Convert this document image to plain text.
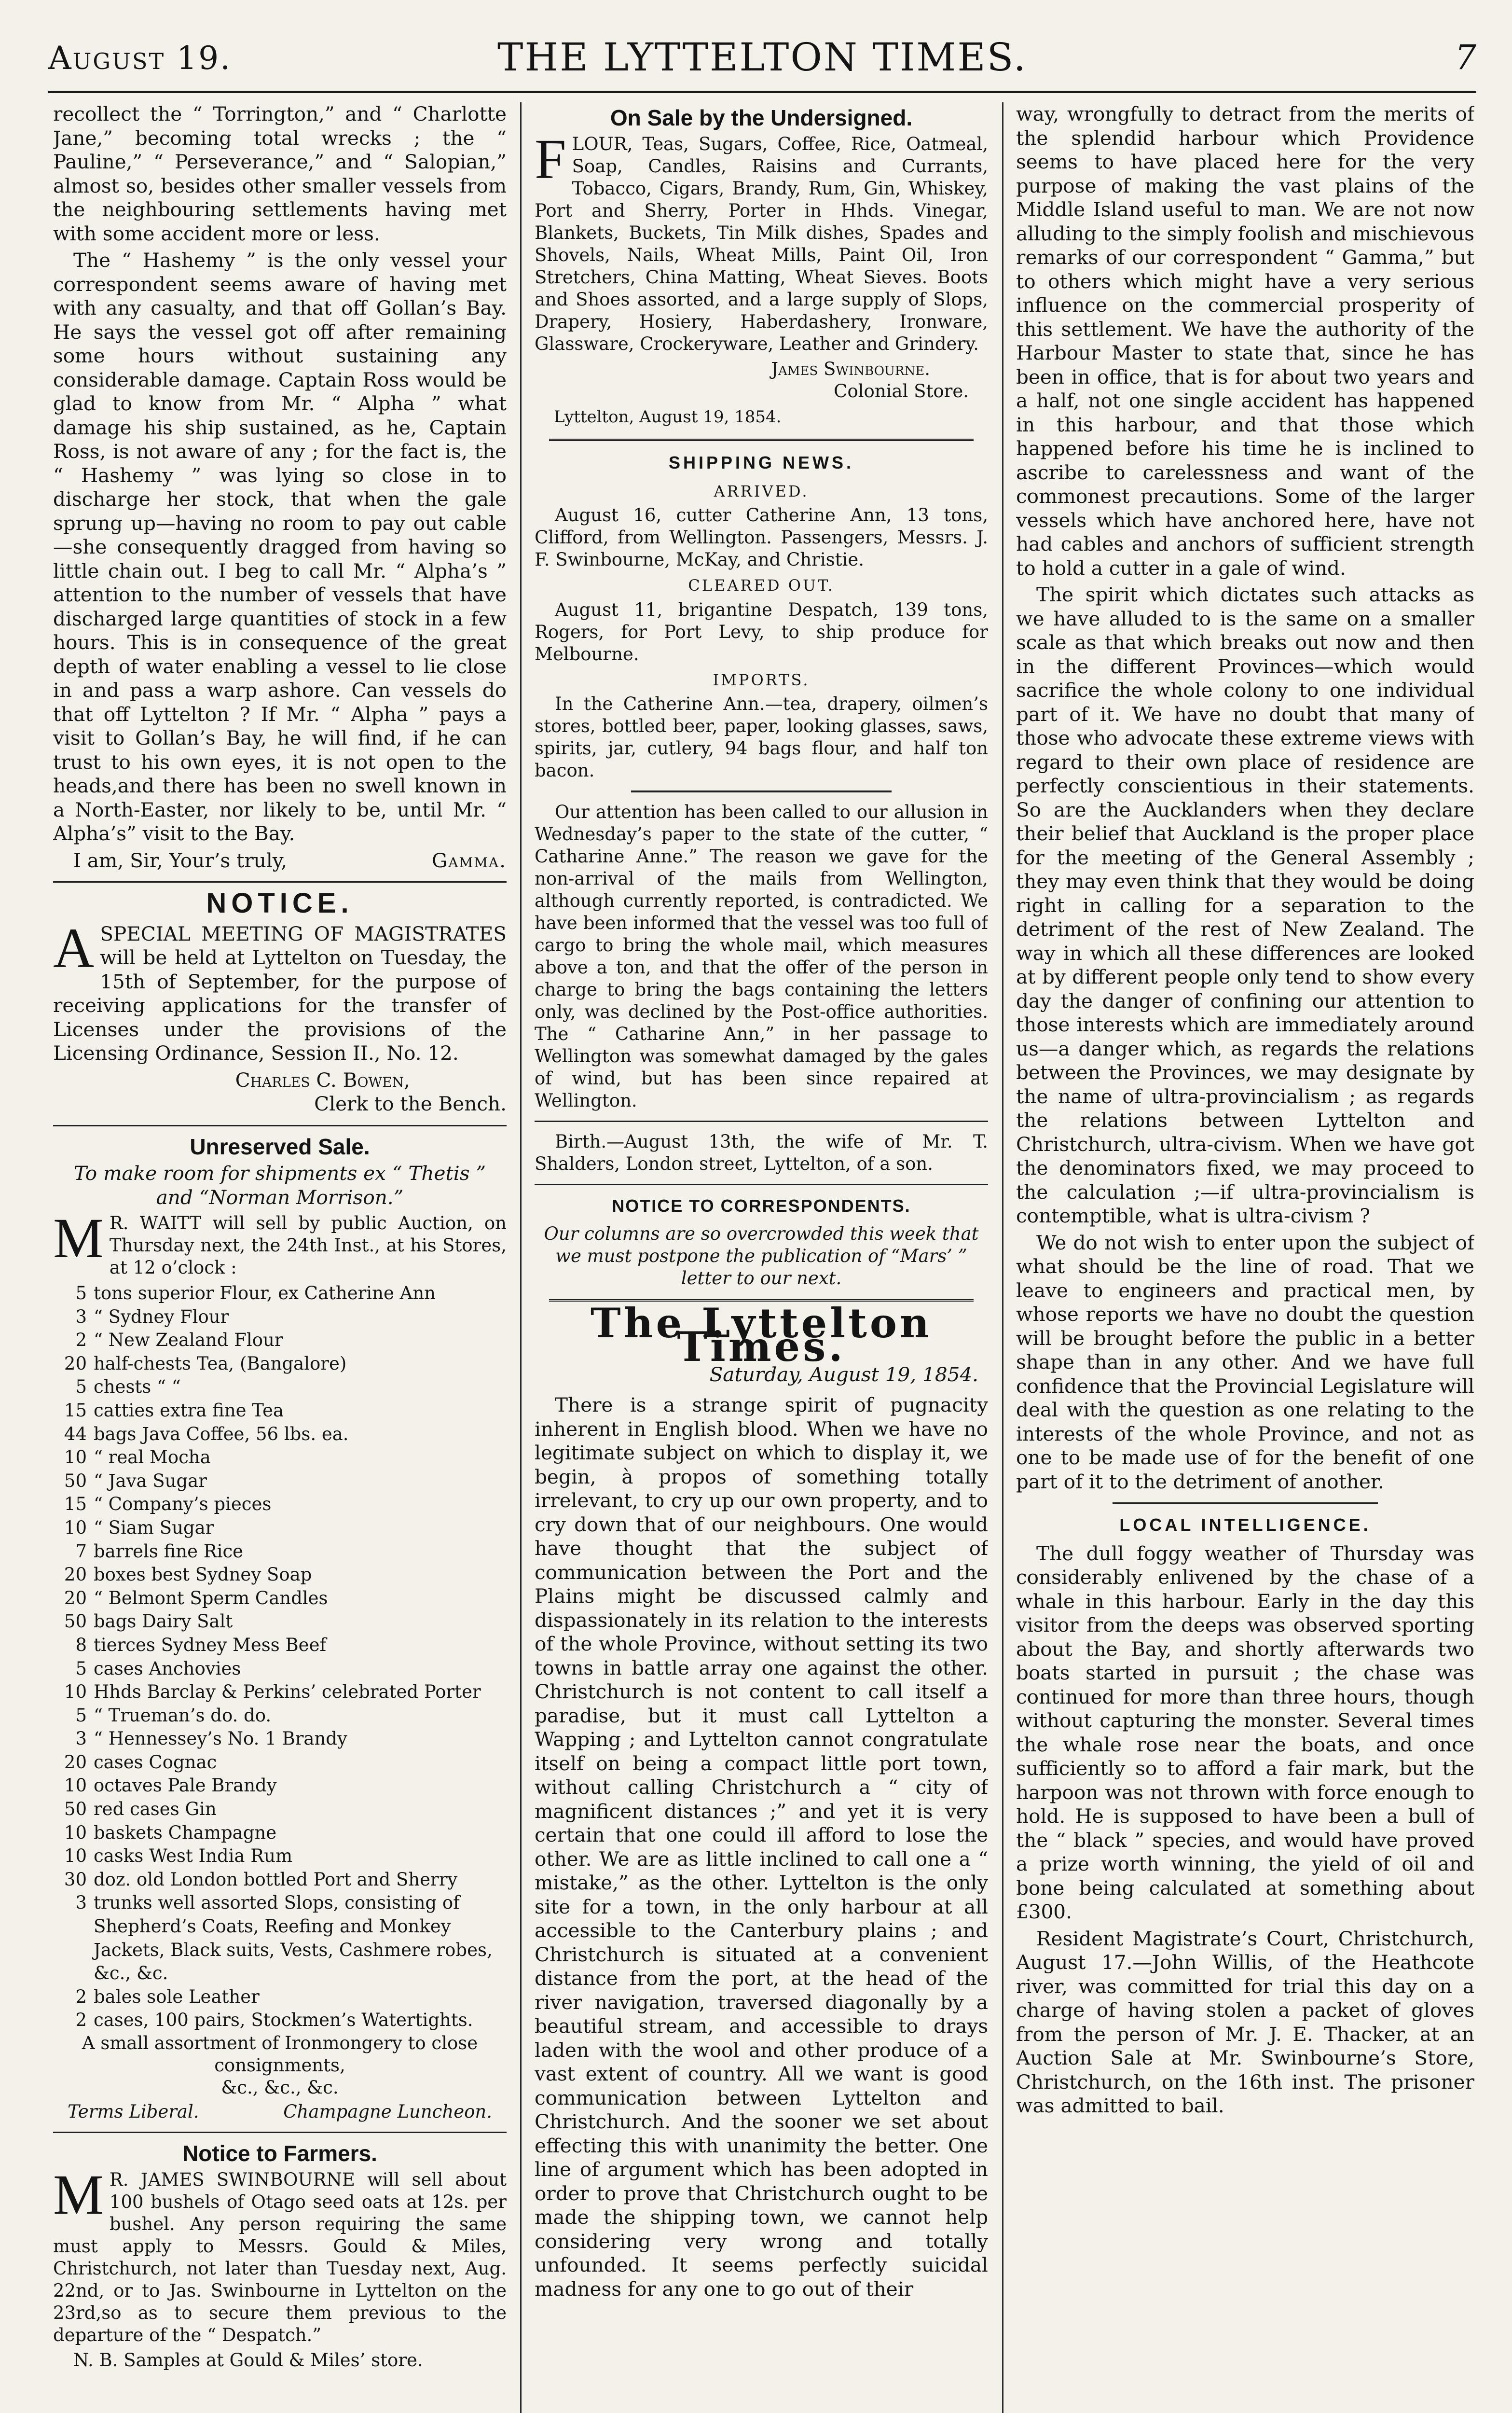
August 19.	THE LYTTELTON TIMES.	7

recollect the “ Torrington,” and “ Charlotte Jane,” becoming total wrecks ; the “ Pauline,” “ Perseverance,” and “ Salopian,” almost so, besides other smaller vessels from the neighbouring settlements having met with some accident more or less.

The “ Hashemy ” is the only vessel your correspondent seems aware of having met with any casualty, and that off Gollan’s Bay. He says the vessel got off after remaining some hours without sustaining any considerable damage. Captain Ross would be glad to know from Mr. “ Alpha ” what damage his ship sustained, as he, Captain Ross, is not aware of any ; for the fact is, the “ Hashemy ” was lying so close in to discharge her stock, that when the gale sprung up—having no room to pay out cable—she consequently dragged from having so little chain out. I beg to call Mr. “ Alpha’s ” attention to the number of vessels that have discharged large quantities of stock in a few hours. This is in consequence of the great depth of water enabling a vessel to lie close in and pass a warp ashore. Can vessels do that off Lyttelton ? If Mr. “ Alpha ” pays a visit to Gollan’s Bay, he will find, if he can trust to his own eyes, it is not open to the heads,and there has been no swell known in a North-Easter, nor likely to be, until Mr. “ Alpha’s” visit to the Bay.

I am, Sir, Your’s truly,	Gamma.
NOTICE.

ASPECIAL MEETING OF MAGISTRATES will be held at Lyttelton on Tuesday, the 15th of September, for the purpose of receiving applications for the transfer of Licenses under the provisions of the Licensing Ordinance, Session II., No. 12.

Charles C. Bowen,
Clerk to the Bench.
Unreserved Sale.
To make room for shipments ex “ Thetis ” and “Norman Morrison.”

M R. WAITT will sell by public Auction, on Thursday next, the 24th Inst., at his Stores, at 12 o’clock :

5 tons superior Flour, ex Catherine Ann
3 “ Sydney Flour
2 “ New Zealand Flour
20 half-chests Tea, (Bangalore)
5 chests “ “
15 catties extra fine Tea
44 bags Java Coffee, 56 lbs. ea.
10 “ real Mocha
50 “ Java Sugar
15 “ Company’s pieces
10 “ Siam Sugar
7 barrels fine Rice
20 boxes best Sydney Soap
20 “ Belmont Sperm Candles
50 bags Dairy Salt
8 tierces Sydney Mess Beef
5 cases Anchovies
10 Hhds Barclay & Perkins’ celebrated Porter
5 “ Trueman’s do. do.
3 “ Hennessey’s No. 1 Brandy
20 cases Cognac
10 octaves Pale Brandy
50 red cases Gin
10 baskets Champagne
10 casks West India Rum
30 doz. old London bottled Port and Sherry
3 trunks well assorted Slops, consisting of Shepherd’s Coats, Reefing and Monkey Jackets, Black suits, Vests, Cashmere robes, &c., &c.
2 bales sole Leather
2 cases, 100 pairs, Stockmen’s Watertights.
A small assortment of Ironmongery to close consignments,
&c., &c., &c.
Terms Liberal.	Champagne Luncheon.
Notice to Farmers.

M R. JAMES SWINBOURNE will sell about 100 bushels of Otago seed oats at 12s. per bushel. Any person requiring the same must apply to Messrs. Gould & Miles, Christchurch, not later than Tuesday next, Aug. 22nd, or to Jas. Swinbourne in Lyttelton on the 23rd,so as to secure them previous to the departure of the “ Despatch.”

N. B. Samples at Gould & Miles’ store.

On Sale by the Undersigned.

FLOUR, Teas, Sugars, Coffee, Rice, Oatmeal, Soap, Candles, Raisins and Currants, Tobacco, Cigars, Brandy, Rum, Gin, Whiskey, Port and Sherry, Porter in Hhds. Vinegar, Blankets, Buckets, Tin Milk dishes, Spades and Shovels, Nails, Wheat Mills, Paint Oil, Iron Stretchers, China Matting, Wheat Sieves. Boots and Shoes assorted, and a large supply of Slops, Drapery, Hosiery, Haberdashery, Ironware, Glassware, Crockeryware, Leather and Grindery.

James Swinbourne.
Colonial Store.
Lyttelton, August 19, 1854.
SHIPPING NEWS.
ARRIVED.

August 16, cutter Catherine Ann, 13 tons, Clifford, from Wellington. Passengers, Messrs. J. F. Swinbourne, McKay, and Christie.

CLEARED OUT.

August 11, brigantine Despatch, 139 tons, Rogers, for Port Levy, to ship produce for Melbourne.

IMPORTS.

In the Catherine Ann.—tea, drapery, oilmen’s stores, bottled beer, paper, looking glasses, saws, spirits, jar, cutlery, 94 bags flour, and half ton bacon.

Our attention has been called to our allusion in Wednesday’s paper to the state of the cutter, “ Catharine Anne.” The reason we gave for the non-arrival of the mails from Wellington, although currently reported, is contradicted. We have been informed that the vessel was too full of cargo to bring the whole mail, which measures above a ton, and that the offer of the person in charge to bring the bags containing the letters only, was declined by the Post-office authorities. The “ Catharine Ann,” in her passage to Wellington was somewhat damaged by the gales of wind, but has been since repaired at Wellington.

Birth.—August 13th, the wife of Mr. T. Shalders, London street, Lyttelton, of a son.

NOTICE TO CORRESPONDENTS.

Our columns are so overcrowded this week that we must postpone the publication of “Mars’ ” letter to our next.

The Lyttelton Times.
Saturday, August 19, 1854.

There is a strange spirit of pugnacity inherent in English blood. When we have no legitimate subject on which to display it, we begin, à propos of something totally irrelevant, to cry up our own property, and to cry down that of our neighbours. One would have thought that the subject of communication between the Port and the Plains might be discussed calmly and dispassionately in its relation to the interests of the whole Province, without setting its two towns in battle array one against the other. Christchurch is not content to call itself a paradise, but it must call Lyttelton a Wapping ; and Lyttelton cannot congratulate itself on being a compact little port town, without calling Christchurch a “ city of magnificent distances ;” and yet it is very certain that one could ill afford to lose the other. We are as little inclined to call one a “ mistake,” as the other. Lyttelton is the only site for a town, in the only harbour at all accessible to the Canterbury plains ; and Christchurch is situated at a convenient distance from the port, at the head of the river navigation, traversed diagonally by a beautiful stream, and accessible to drays laden with the wool and other produce of a vast extent of country. All we want is good communication between Lyttelton and Christchurch. And the sooner we set about effecting this with unanimity the better. One line of argument which has been adopted in order to prove that Christchurch ought to be made the shipping town, we cannot help considering very wrong and totally unfounded. It seems perfectly suicidal madness for any one to go out of their

way, wrongfully to detract from the merits of the splendid harbour which Providence seems to have placed here for the very purpose of making the vast plains of the Middle Island useful to man. We are not now alluding to the simply foolish and mischievous remarks of our correspondent “ Gamma,” but to others which might have a very serious influence on the commercial prosperity of this settlement. We have the authority of the Harbour Master to state that, since he has been in office, that is for about two years and a half, not one single accident has happened in this harbour, and that those which happened before his time he is inclined to ascribe to carelessness and want of the commonest precautions. Some of the larger vessels which have anchored here, have not had cables and anchors of sufficient strength to hold a cutter in a gale of wind.

The spirit which dictates such attacks as we have alluded to is the same on a smaller scale as that which breaks out now and then in the different Provinces—which would sacrifice the whole colony to one individual part of it. We have no doubt that many of those who advocate these extreme views with regard to their own place of residence are perfectly conscientious in their statements. So are the Aucklanders when they declare their belief that Auckland is the proper place for the meeting of the General Assembly ; they may even think that they would be doing right in calling for a separation to the detriment of the rest of New Zealand. The way in which all these differences are looked at by different people only tend to show every day the danger of confining our attention to those interests which are immediately around us—a danger which, as regards the relations between the Provinces, we may designate by the name of ultra-provincialism ; as regards the relations between Lyttelton and Christchurch, ultra-civism. When we have got the denominators fixed, we may proceed to the calculation ;—if ultra-provincialism is contemptible, what is ultra-civism ?

We do not wish to enter upon the subject of what should be the line of road. That we leave to engineers and practical men, by whose reports we have no doubt the question will be brought before the public in a better shape than in any other. And we have full confidence that the Provincial Legislature will deal with the question as one relating to the interests of the whole Province, and not as one to be made use of for the benefit of one part of it to the detriment of another.

LOCAL INTELLIGENCE.

The dull foggy weather of Thursday was considerably enlivened by the chase of a whale in this harbour. Early in the day this visitor from the deeps was observed sporting about the Bay, and shortly afterwards two boats started in pursuit ; the chase was continued for more than three hours, though without capturing the monster. Several times the whale rose near the boats, and once sufficiently so to afford a fair mark, but the harpoon was not thrown with force enough to hold. He is supposed to have been a bull of the “ black ” species, and would have proved a prize worth winning, the yield of oil and bone being calculated at something about £300.

Resident Magistrate’s Court, Christchurch, August 17.—John Willis, of the Heathcote river, was committed for trial this day on a charge of having stolen a packet of gloves from the person of Mr. J. E. Thacker, at an Auction Sale at Mr. Swinbourne’s Store, Christchurch, on the 16th inst. The prisoner was admitted to bail.
